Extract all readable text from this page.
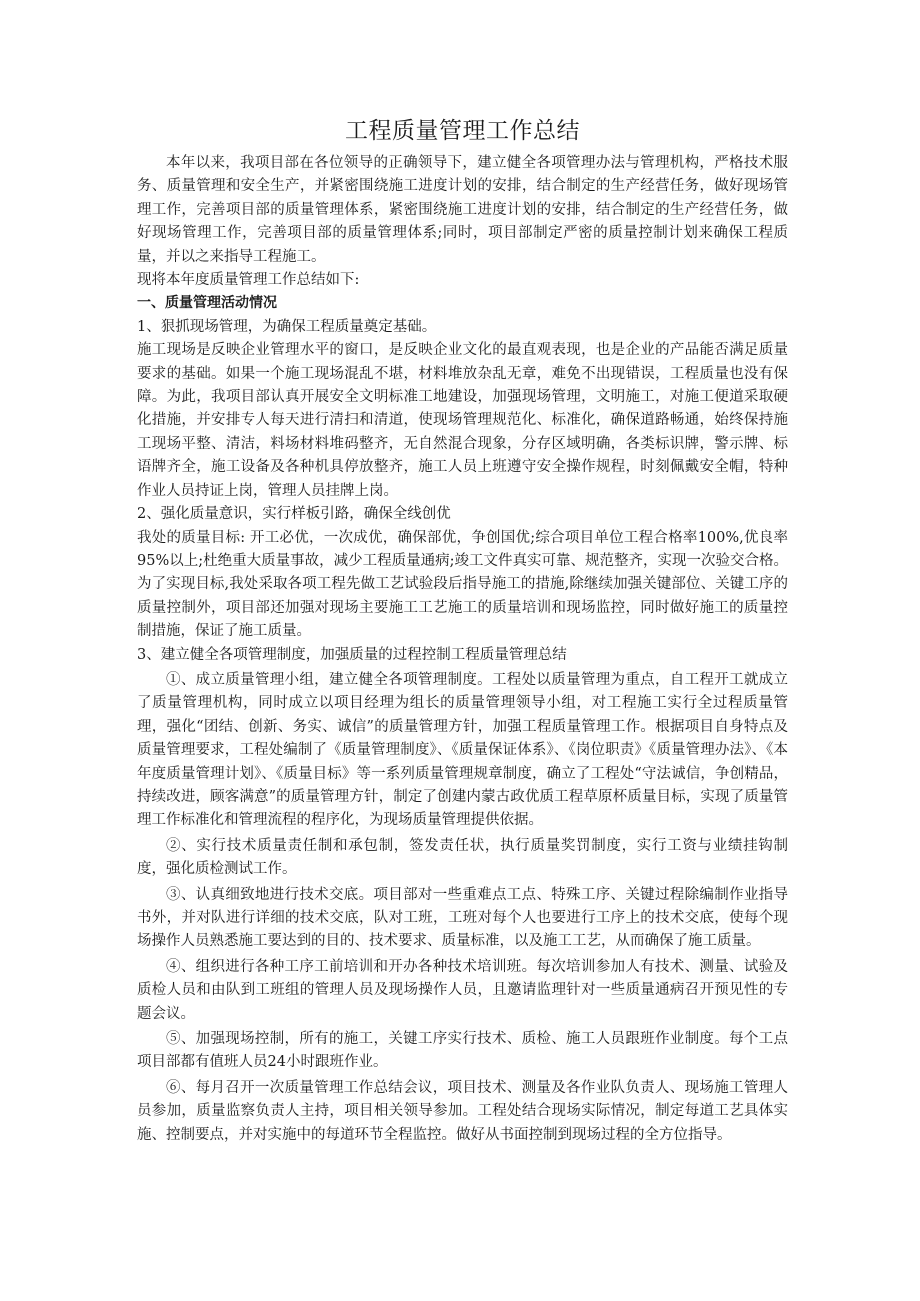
工程质量管理工作总结

本年以来，我项目部在各位领导的正确领导下，建立健全各项管理办法与管理机构，严格技术服务、质量管理和安全生产，并紧密围绕施工进度计划的安排，结合制定的生产经营任务，做好现场管理工作，完善项目部的质量管理体系，紧密围绕施工进度计划的安排，结合制定的生产经营任务，做好现场管理工作，完善项目部的质量管理体系;同时，项目部制定严密的质量控制计划来确保工程质量，并以之来指导工程施工。

现将本年度质量管理工作总结如下:

一、质量管理活动情况

1、狠抓现场管理，为确保工程质量奠定基础。

施工现场是反映企业管理水平的窗口，是反映企业文化的最直观表现，也是企业的产品能否满足质量要求的基础。如果一个施工现场混乱不堪，材料堆放杂乱无章，难免不出现错误，工程质量也没有保障。为此，我项目部认真开展安全文明标准工地建设，加强现场管理，文明施工，对施工便道采取硬化措施，并安排专人每天进行清扫和清道，使现场管理规范化、标准化，确保道路畅通，始终保持施工现场平整、清洁，料场材料堆码整齐，无自然混合现象，分存区域明确，各类标识牌，警示牌、标语牌齐全，施工设备及各种机具停放整齐，施工人员上班遵守安全操作规程，时刻佩戴安全帽，特种作业人员持证上岗，管理人员挂牌上岗。

2、强化质量意识，实行样板引路，确保全线创优

我处的质量目标: 开工必优，一次成优，确保部优，争创国优;综合项目单位工程合格率100%,优良率95%以上;杜绝重大质量事故，减少工程质量通病;竣工文件真实可靠、规范整齐，实现一次验交合格。为了实现目标,我处采取各项工程先做工艺试验段后指导施工的措施,除继续加强关键部位、关键工序的质量控制外，项目部还加强对现场主要施工工艺施工的质量培训和现场监控，同时做好施工的质量控制措施，保证了施工质量。

3、建立健全各项管理制度，加强质量的过程控制工程质量管理总结

①、成立质量管理小组，建立健全各项管理制度。工程处以质量管理为重点，自工程开工就成立了质量管理机构，同时成立以项目经理为组长的质量管理领导小组，对工程施工实行全过程质量管理，强化“团结、创新、务实、诚信”的质量管理方针，加强工程质量管理工作。根据项目自身特点及质量管理要求，工程处编制了《质量管理制度》、《质量保证体系》、《岗位职责》《质量管理办法》、《本年度质量管理计划》、《质量目标》等一系列质量管理规章制度，确立了工程处“守法诚信，争创精品，持续改进，顾客满意”的质量管理方针，制定了创建内蒙古政优质工程草原杯质量目标，实现了质量管理工作标准化和管理流程的程序化，为现场质量管理提供依据。

②、实行技术质量责任制和承包制，签发责任状，执行质量奖罚制度，实行工资与业绩挂钩制度，强化质检测试工作。

③、认真细致地进行技术交底。项目部对一些重难点工点、特殊工序、关键过程除编制作业指导书外，并对队进行详细的技术交底，队对工班，工班对每个人也要进行工序上的技术交底，使每个现场操作人员熟悉施工要达到的目的、技术要求、质量标准，以及施工工艺，从而确保了施工质量。

④、组织进行各种工序工前培训和开办各种技术培训班。每次培训参加人有技术、测量、试验及质检人员和由队到工班组的管理人员及现场操作人员，且邀请监理针对一些质量通病召开预见性的专题会议。

⑤、加强现场控制，所有的施工，关键工序实行技术、质检、施工人员跟班作业制度。每个工点项目部都有值班人员24小时跟班作业。

⑥、每月召开一次质量管理工作总结会议，项目技术、测量及各作业队负责人、现场施工管理人员参加，质量监察负责人主持，项目相关领导参加。工程处结合现场实际情况，制定每道工艺具体实施、控制要点，并对实施中的每道环节全程监控。做好从书面控制到现场过程的全方位指导。
